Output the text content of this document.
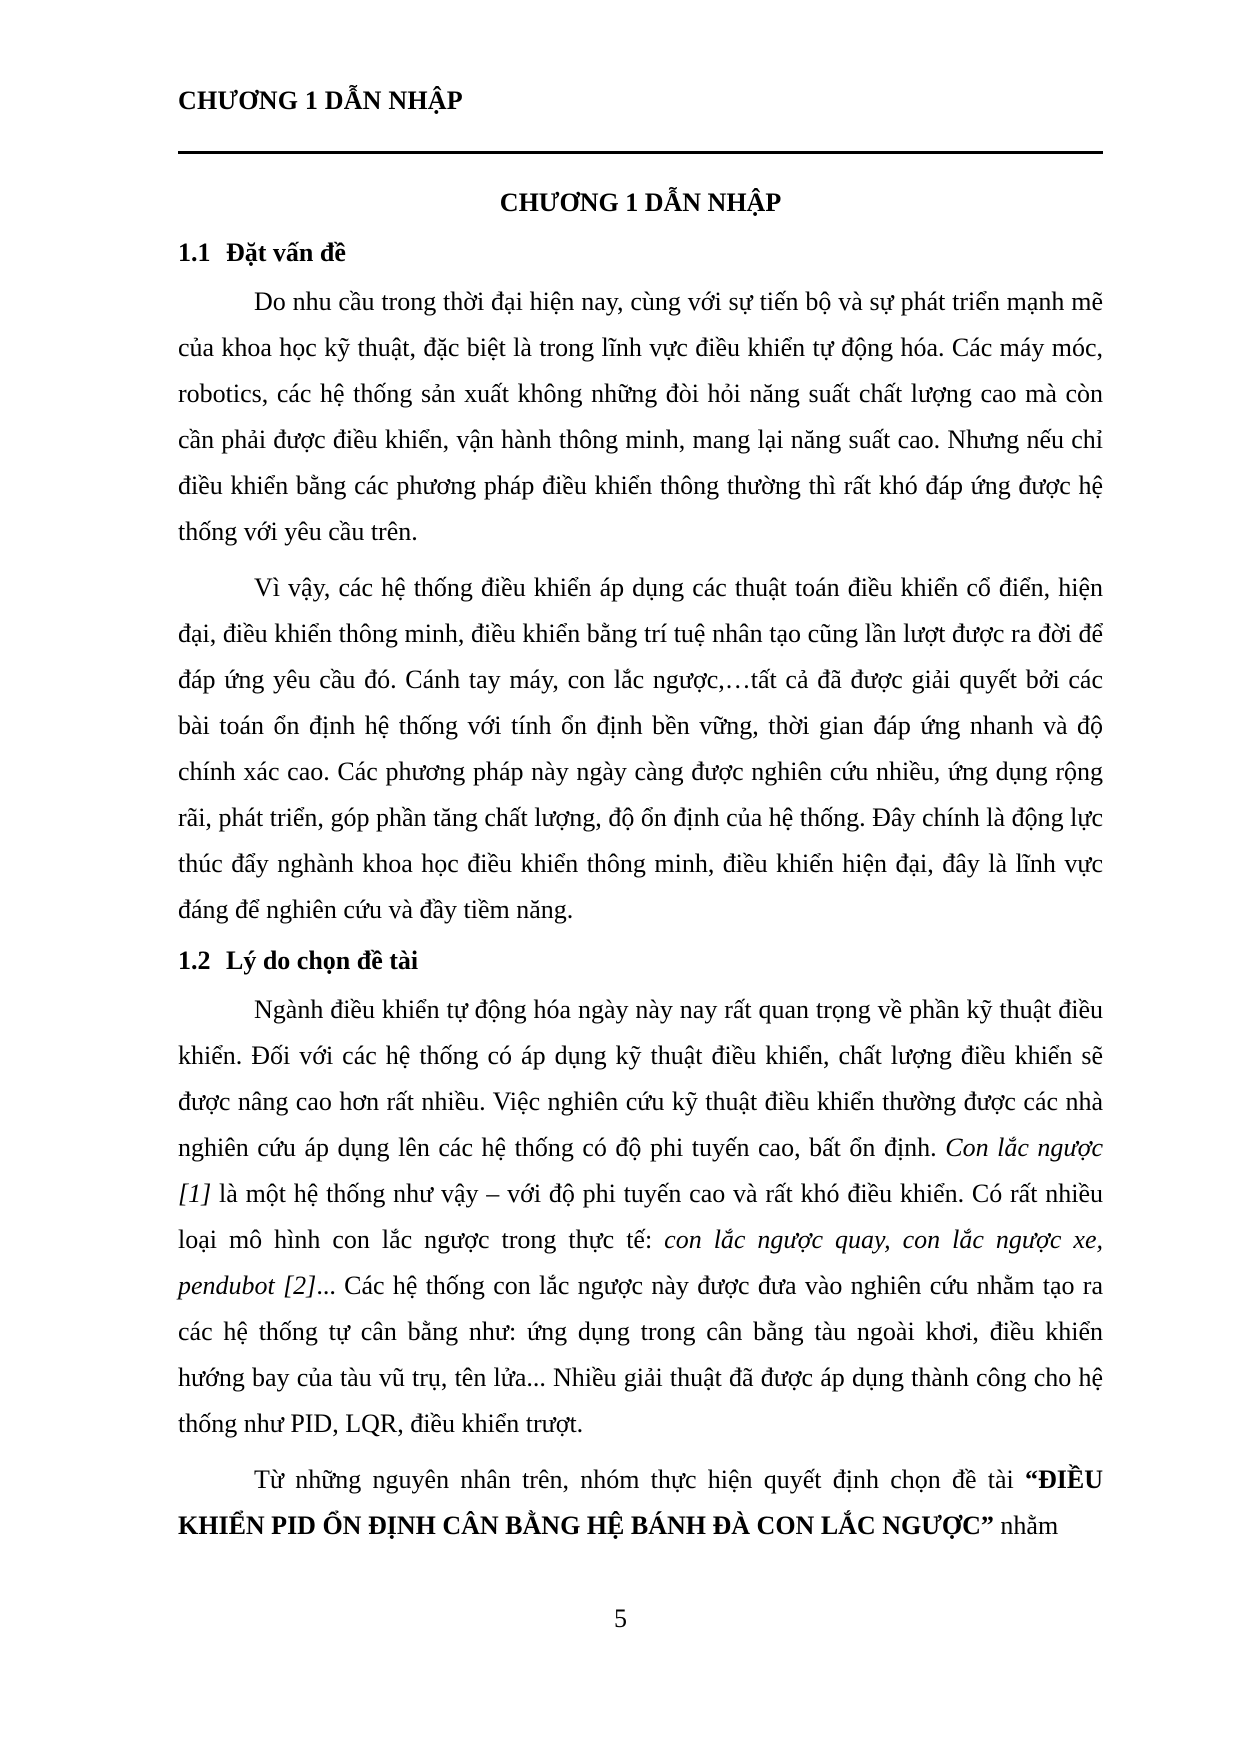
CHƯƠNG 1 DẪN NHẬP
CHƯƠNG 1 DẪN NHẬP
1.1 Đặt vấn đề

Do nhu cầu trong thời đại hiện nay, cùng với sự tiến bộ và sự phát triển mạnh mẽ của khoa học kỹ thuật, đặc biệt là trong lĩnh vực điều khiển tự động hóa. Các máy móc, robotics, các hệ thống sản xuất không những đòi hỏi năng suất chất lượng cao mà còn cần phải được điều khiển, vận hành thông minh, mang lại năng suất cao. Nhưng nếu chỉ điều khiển bằng các phương pháp điều khiển thông thường thì rất khó đáp ứng được hệ thống với yêu cầu trên.

Vì vậy, các hệ thống điều khiển áp dụng các thuật toán điều khiển cổ điển, hiện đại, điều khiển thông minh, điều khiển bằng trí tuệ nhân tạo cũng lần lượt được ra đời để đáp ứng yêu cầu đó. Cánh tay máy, con lắc ngược,…tất cả đã được giải quyết bởi các bài toán ổn định hệ thống với tính ổn định bền vững, thời gian đáp ứng nhanh và độ chính xác cao. Các phương pháp này ngày càng được nghiên cứu nhiều, ứng dụng rộng rãi, phát triển, góp phần tăng chất lượng, độ ổn định của hệ thống. Đây chính là động lực thúc đẩy nghành khoa học điều khiển thông minh, điều khiển hiện đại, đây là lĩnh vực đáng để nghiên cứu và đầy tiềm năng.

1.2 Lý do chọn đề tài

Ngành điều khiển tự động hóa ngày này nay rất quan trọng về phần kỹ thuật điều khiển. Đối với các hệ thống có áp dụng kỹ thuật điều khiển, chất lượng điều khiển sẽ được nâng cao hơn rất nhiều. Việc nghiên cứu kỹ thuật điều khiển thường được các nhà nghiên cứu áp dụng lên các hệ thống có độ phi tuyến cao, bất ổn định. Con lắc ngược [1] là một hệ thống như vậy – với độ phi tuyến cao và rất khó điều khiển. Có rất nhiều loại mô hình con lắc ngược trong thực tế: con lắc ngược quay, con lắc ngược xe, pendubot [2]... Các hệ thống con lắc ngược này được đưa vào nghiên cứu nhằm tạo ra các hệ thống tự cân bằng như: ứng dụng trong cân bằng tàu ngoài khơi, điều khiển hướng bay của tàu vũ trụ, tên lửa... Nhiều giải thuật đã được áp dụng thành công cho hệ thống như PID, LQR, điều khiển trượt.

Từ những nguyên nhân trên, nhóm thực hiện quyết định chọn đề tài “ĐIỀU KHIỂN PID ỔN ĐỊNH CÂN BẰNG HỆ BÁNH ĐÀ CON LẮC NGƯỢC” nhằm

5
